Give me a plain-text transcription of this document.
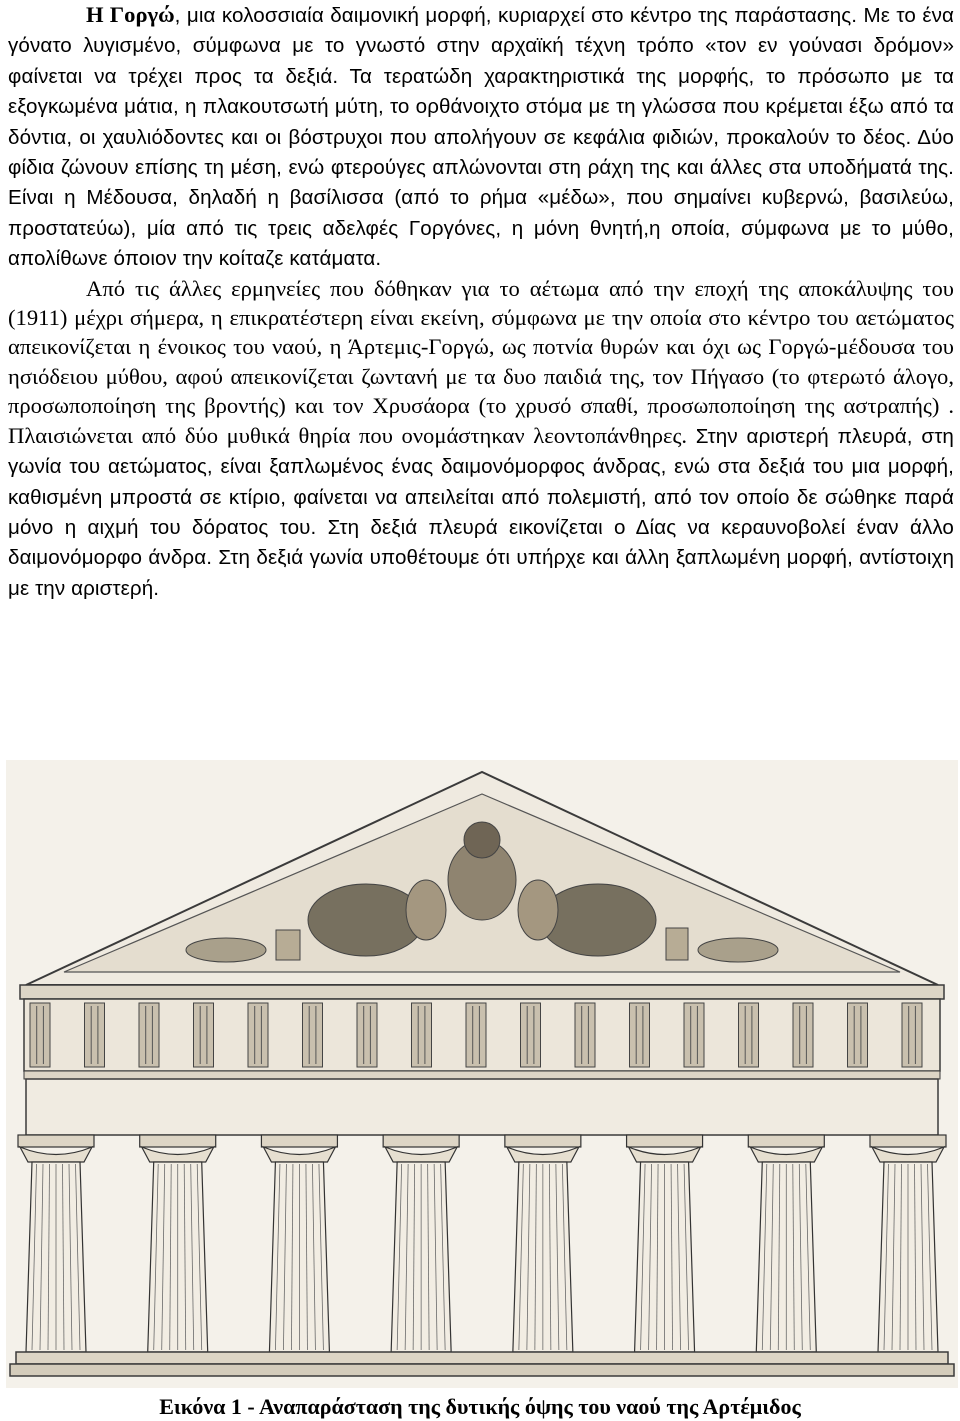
Η Γοργώ, μια κολοσσιαία δαιμονική μορφή, κυριαρχεί στο κέντρο της παράστασης. Με το ένα γόνατο λυγισμένο, σύμφωνα με το γνωστό στην αρχαϊκή τέχνη τρόπο «τον εν γούνασι δρόμον» φαίνεται να τρέχει προς τα δεξιά. Τα τερατώδη χαρακτηριστικά της μορφής, το πρόσωπο με τα εξογκωμένα μάτια, η πλακουτσωτή μύτη, το ορθάνοιχτο στόμα με τη γλώσσα που κρέμεται έξω από τα δόντια, οι χαυλιόδοντες και οι βόστρυχοι που απολήγουν σε κεφάλια φιδιών, προκαλούν το δέος. Δύο φίδια ζώνουν επίσης τη μέση, ενώ φτερούγες απλώνονται στη ράχη της και άλλες στα υποδήματά της. Είναι η Μέδουσα, δηλαδή η βασίλισσα (από το ρήμα «μέδω», που σημαίνει κυβερνώ, βασιλεύω, προστατεύω), μία από τις τρεις αδελφές Γοργόνες, η μόνη θνητή,η οποία, σύμφωνα με το μύθο, απολίθωνε όποιον την κοίταζε κατάματα.

Από τις άλλες ερμηνείες που δόθηκαν για το αέτωμα από την εποχή της αποκάλυψης του (1911) μέχρι σήμερα, η επικρατέστερη είναι εκείνη, σύμφωνα με την οποία στο κέντρο του αετώματος απεικονίζεται η ένοικος του ναού, η Άρτεμις-Γοργώ, ως ποτνία θυρών και όχι ως Γοργώ-μέδουσα του ησιόδειου μύθου, αφού απεικονίζεται ζωντανή με τα δυο παιδιά της, τον Πήγασο (το φτερωτό άλογο, προσωποποίηση της βροντής) και τον Χρυσάορα (το χρυσό σπαθί, προσωποποίηση της αστραπής) . Πλαισιώνεται από δύο μυθικά θηρία που ονομάστηκαν λεοντοπάνθηρες. Στην αριστερή πλευρά, στη γωνία του αετώματος, είναι ξαπλωμένος ένας δαιμονόμορφος άνδρας, ενώ στα δεξιά του μια μορφή, καθισμένη μπροστά σε κτίριο, φαίνεται να απειλείται από πολεμιστή, από τον οποίο δε σώθηκε παρά μόνο η αιχμή του δόρατος του. Στη δεξιά πλευρά εικονίζεται ο Δίας να κεραυνοβολεί έναν άλλο δαιμονόμορφο άνδρα. Στη δεξιά γωνία υποθέτουμε ότι υπήρχε και άλλη ξαπλωμένη μορφή, αντίστοιχη με την αριστερή.

Εικόνα 1 - Αναπαράσταση της δυτικής όψης του ναού της Αρτέμιδος
